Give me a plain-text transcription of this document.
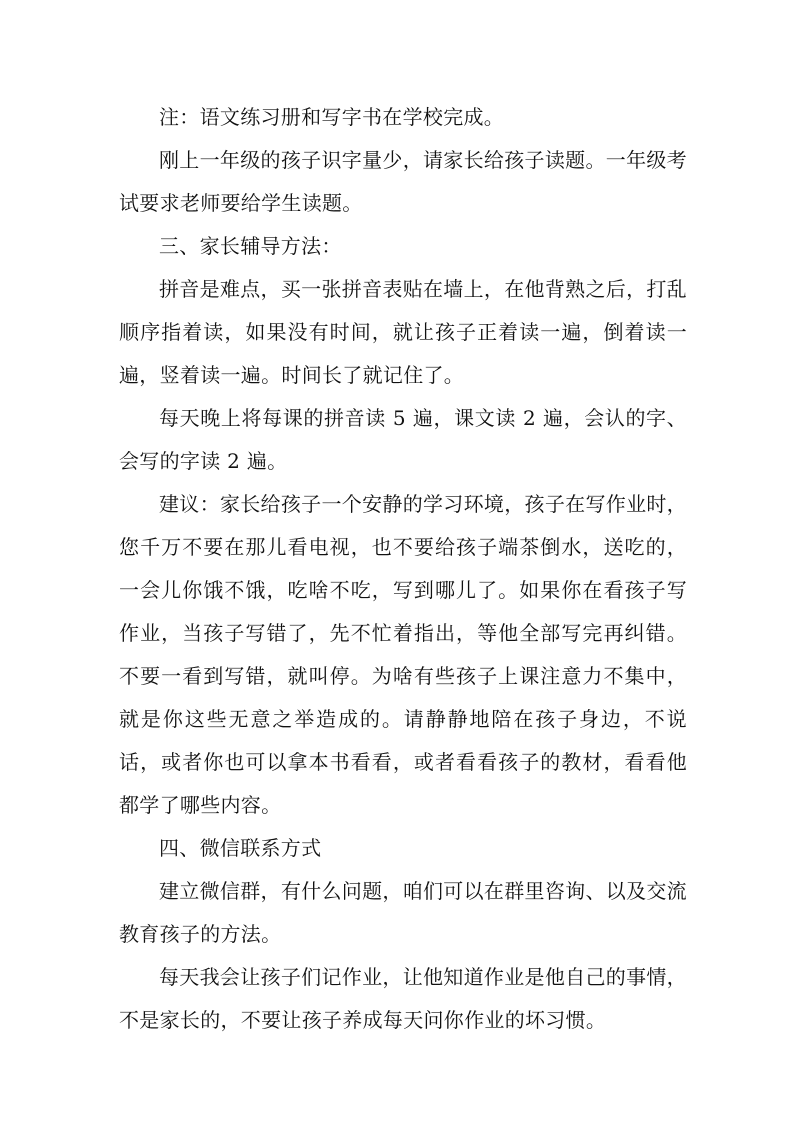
注：语文练习册和写字书在学校完成。

刚上一年级的孩子识字量少，请家长给孩子读题。一年级考试要求老师要给学生读题。

三、家长辅导方法：

拼音是难点，买一张拼音表贴在墙上，在他背熟之后，打乱顺序指着读，如果没有时间，就让孩子正着读一遍，倒着读一遍，竖着读一遍。时间长了就记住了。

每天晚上将每课的拼音读 5 遍，课文读 2 遍，会认的字、会写的字读 2 遍。

建议：家长给孩子一个安静的学习环境，孩子在写作业时，您千万不要在那儿看电视，也不要给孩子端茶倒水，送吃的，一会儿你饿不饿，吃啥不吃，写到哪儿了。如果你在看孩子写作业，当孩子写错了，先不忙着指出，等他全部写完再纠错。不要一看到写错，就叫停。为啥有些孩子上课注意力不集中，就是你这些无意之举造成的。请静静地陪在孩子身边，不说话，或者你也可以拿本书看看，或者看看孩子的教材，看看他都学了哪些内容。

四、微信联系方式

建立微信群，有什么问题，咱们可以在群里咨询、以及交流教育孩子的方法。

每天我会让孩子们记作业，让他知道作业是他自己的事情，不是家长的，不要让孩子养成每天问你作业的坏习惯。
